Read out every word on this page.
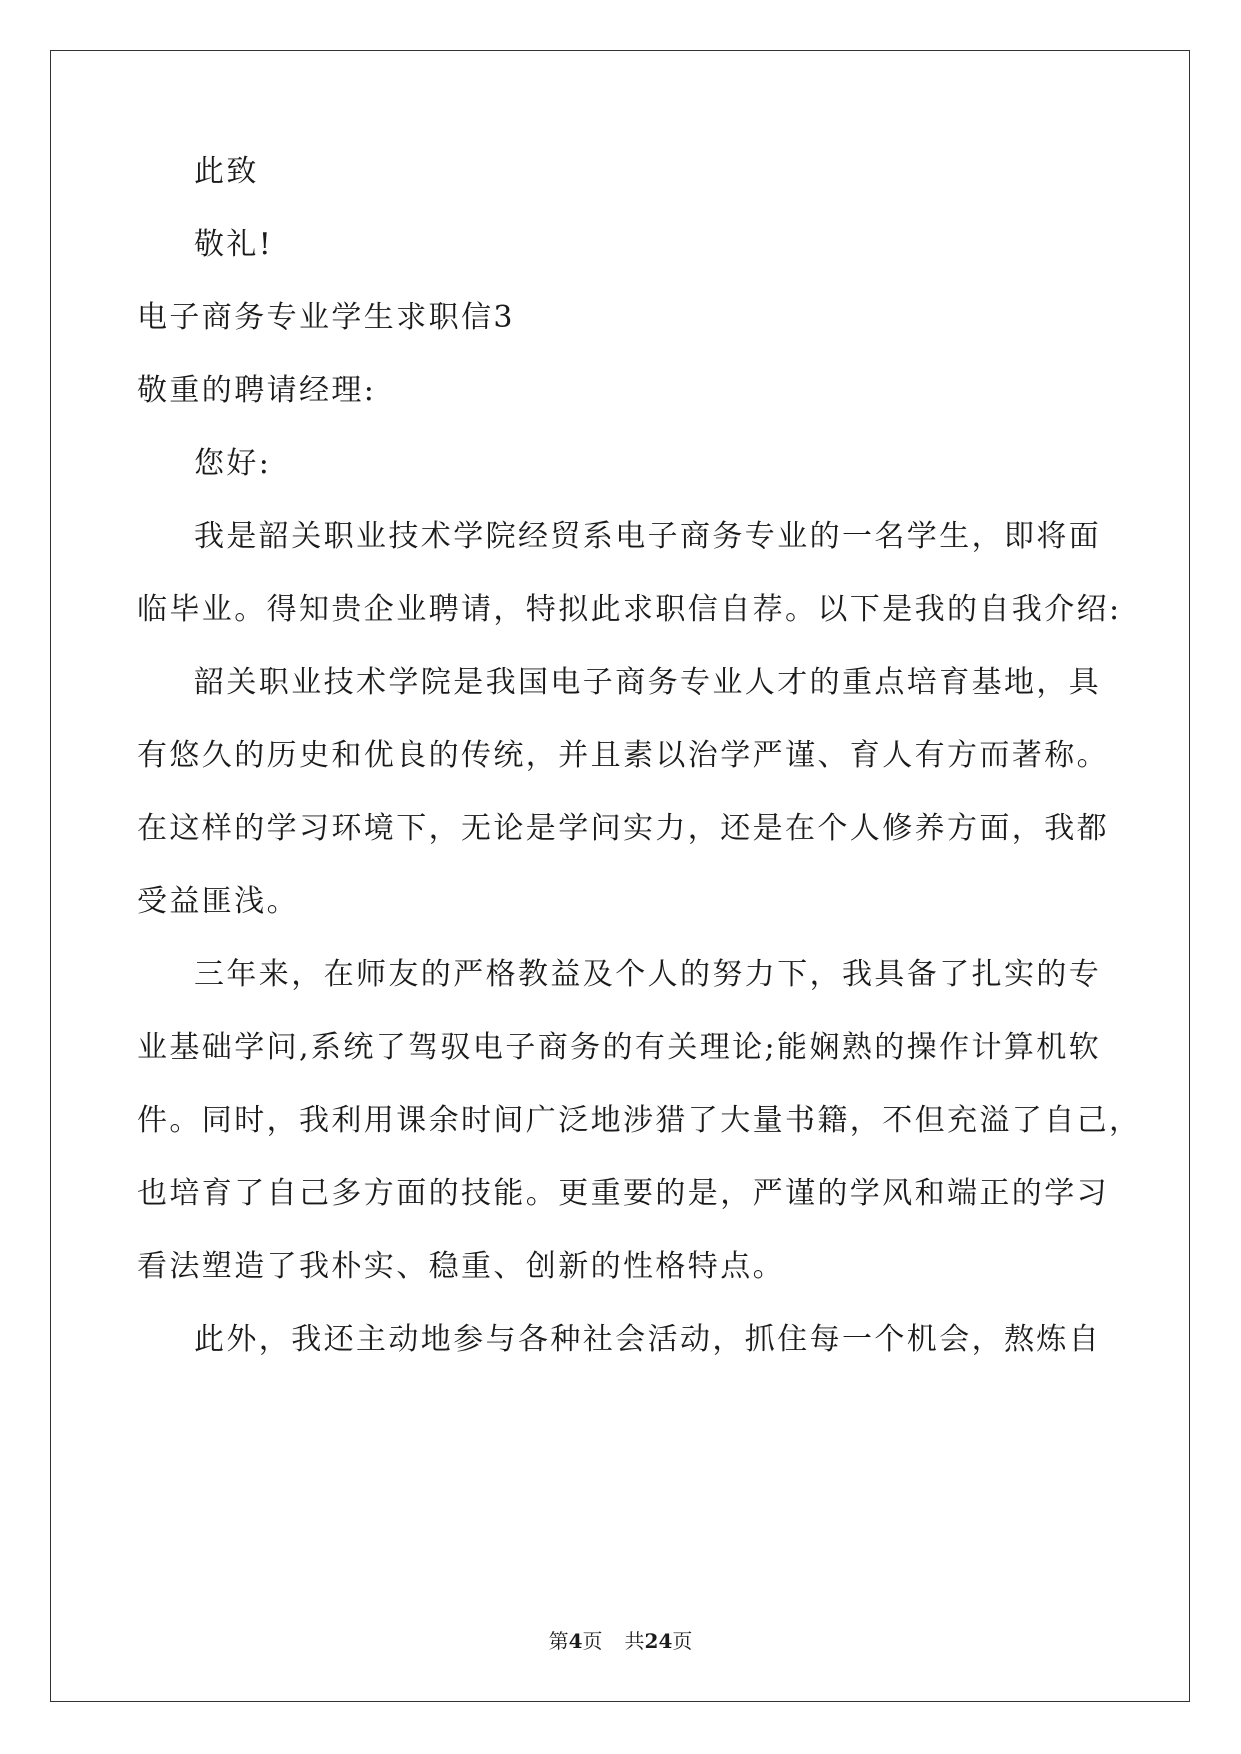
此致
敬礼!
电子商务专业学生求职信3
敬重的聘请经理:
您好:
我是韶关职业技术学院经贸系电子商务专业的一名学生，即将面
临毕业。得知贵企业聘请，特拟此求职信自荐。以下是我的自我介绍:
韶关职业技术学院是我国电子商务专业人才的重点培育基地，具
有悠久的历史和优良的传统，并且素以治学严谨、育人有方而著称。
在这样的学习环境下，无论是学问实力，还是在个人修养方面，我都
受益匪浅。
三年来，在师友的严格教益及个人的努力下，我具备了扎实的专
业基础学问,系统了驾驭电子商务的有关理论;能娴熟的操作计算机软
件。同时，我利用课余时间广泛地涉猎了大量书籍，不但充溢了自己，
也培育了自己多方面的技能。更重要的是，严谨的学风和端正的学习
看法塑造了我朴实、稳重、创新的性格特点。
此外，我还主动地参与各种社会活动，抓住每一个机会，熬炼自
第4页 共24页
